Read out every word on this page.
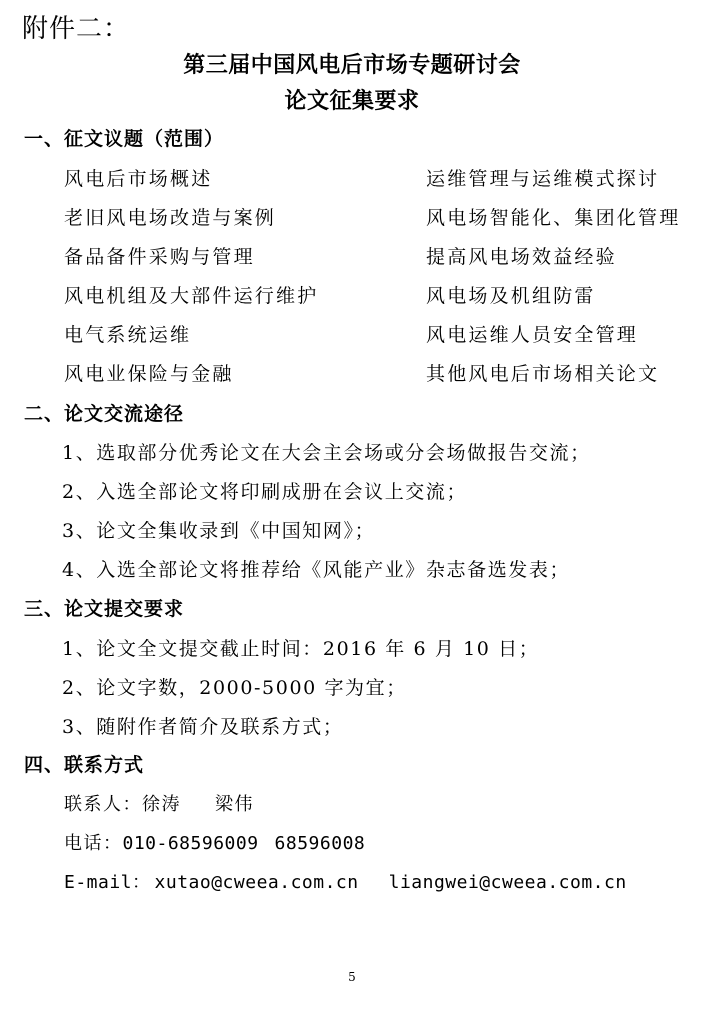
附件二：
第三届中国风电后市场专题研讨会
论文征集要求
一、征文议题（范围）
风电后市场概述	运维管理与运维模式探讨
老旧风电场改造与案例	风电场智能化、集团化管理
备品备件采购与管理	提高风电场效益经验
风电机组及大部件运行维护	风电场及机组防雷
电气系统运维	风电运维人员安全管理
风电业保险与金融	其他风电后市场相关论文
二、论文交流途径
1、选取部分优秀论文在大会主会场或分会场做报告交流；
2、入选全部论文将印刷成册在会议上交流；
3、论文全集收录到《中国知网》；
4、入选全部论文将推荐给《风能产业》杂志备选发表；
三、论文提交要求
1、论文全文提交截止时间：2016 年 6 月 10 日；
2、论文字数，2000-5000 字为宜；
3、随附作者简介及联系方式；
四、联系方式
联系人：徐涛 梁伟
电话：010-68596009 68596008
E-mail： xutao@cweea.com.cn liangwei@cweea.com.cn
5
